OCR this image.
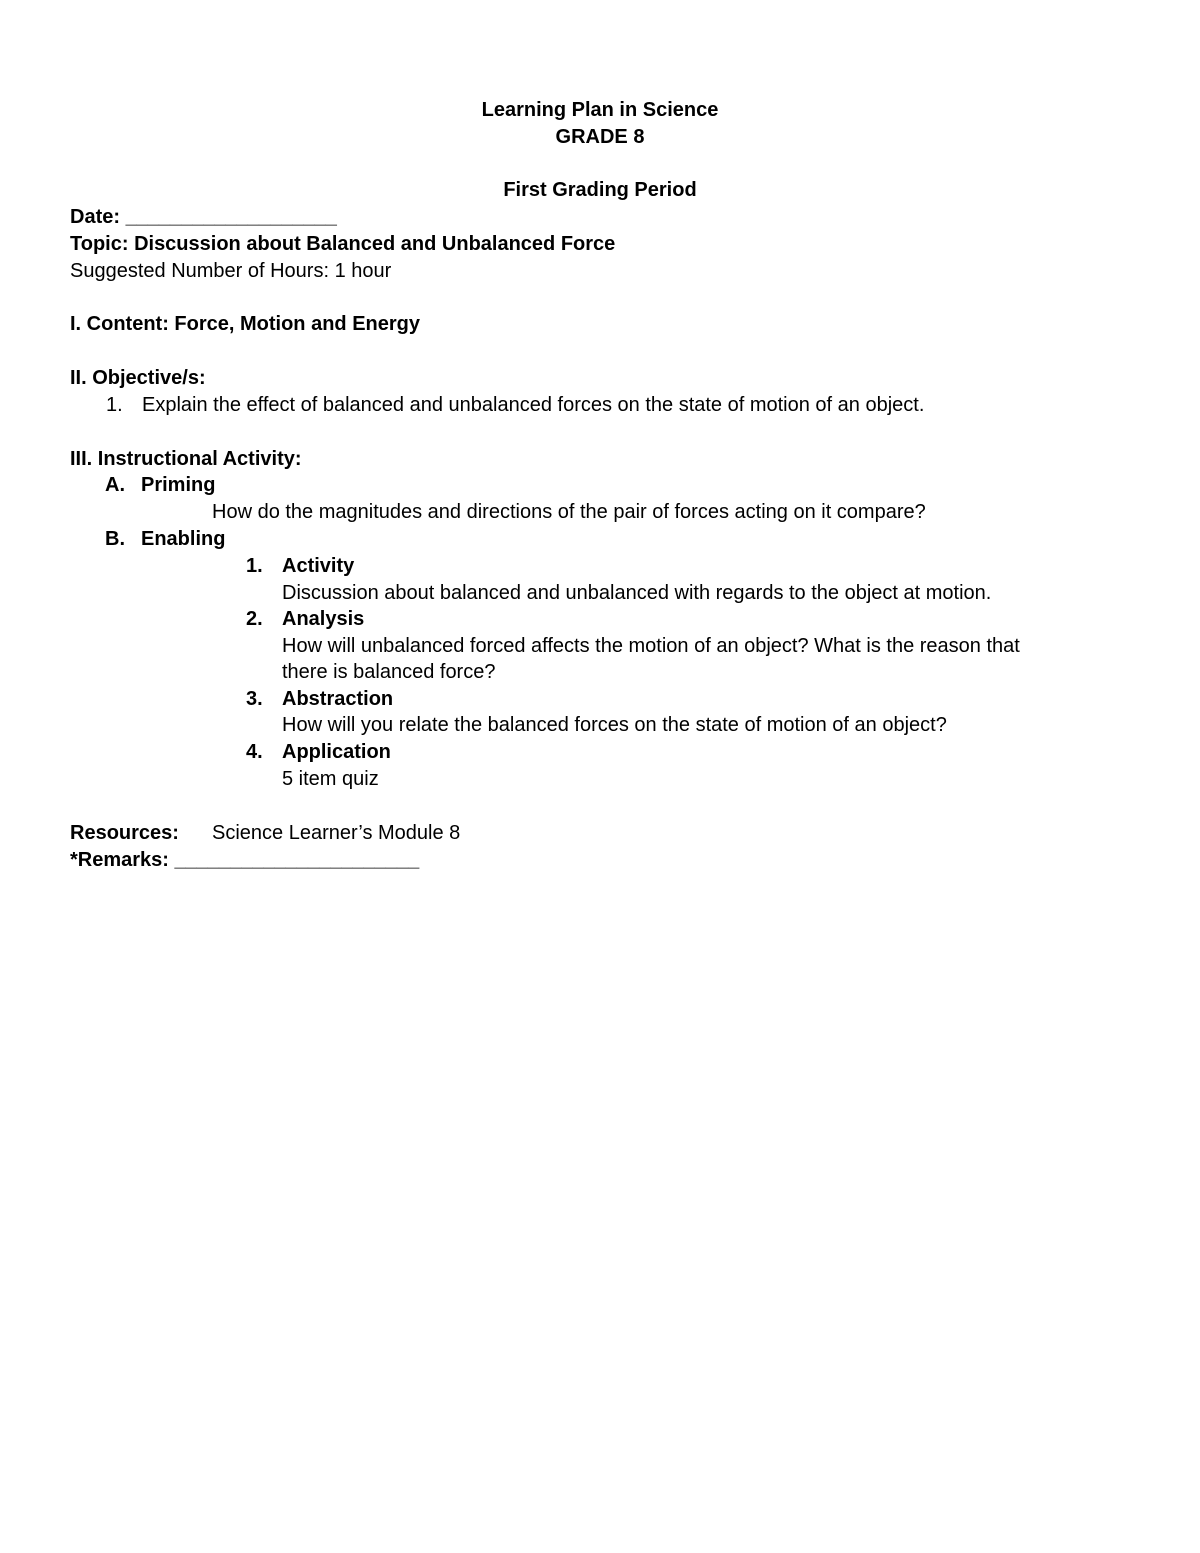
Learning Plan in Science
GRADE 8
First Grading Period
Date: ___________________
Topic: Discussion about Balanced and Unbalanced Force
Suggested Number of Hours: 1 hour
I. Content: Force, Motion and Energy
II. Objective/s:
1. Explain the effect of balanced and unbalanced forces on the state of motion of an object.
III. Instructional Activity:
A. Priming
How do the magnitudes and directions of the pair of forces acting on it compare?
B. Enabling
1. Activity
Discussion about balanced and unbalanced with regards to the object at motion.
2. Analysis
How will unbalanced forced affects the motion of an object? What is the reason that
there is balanced force?
3. Abstraction
How will you relate the balanced forces on the state of motion of an object?
4. Application
5 item quiz
Resources: Science Learner’s Module 8
*Remarks: ______________________
